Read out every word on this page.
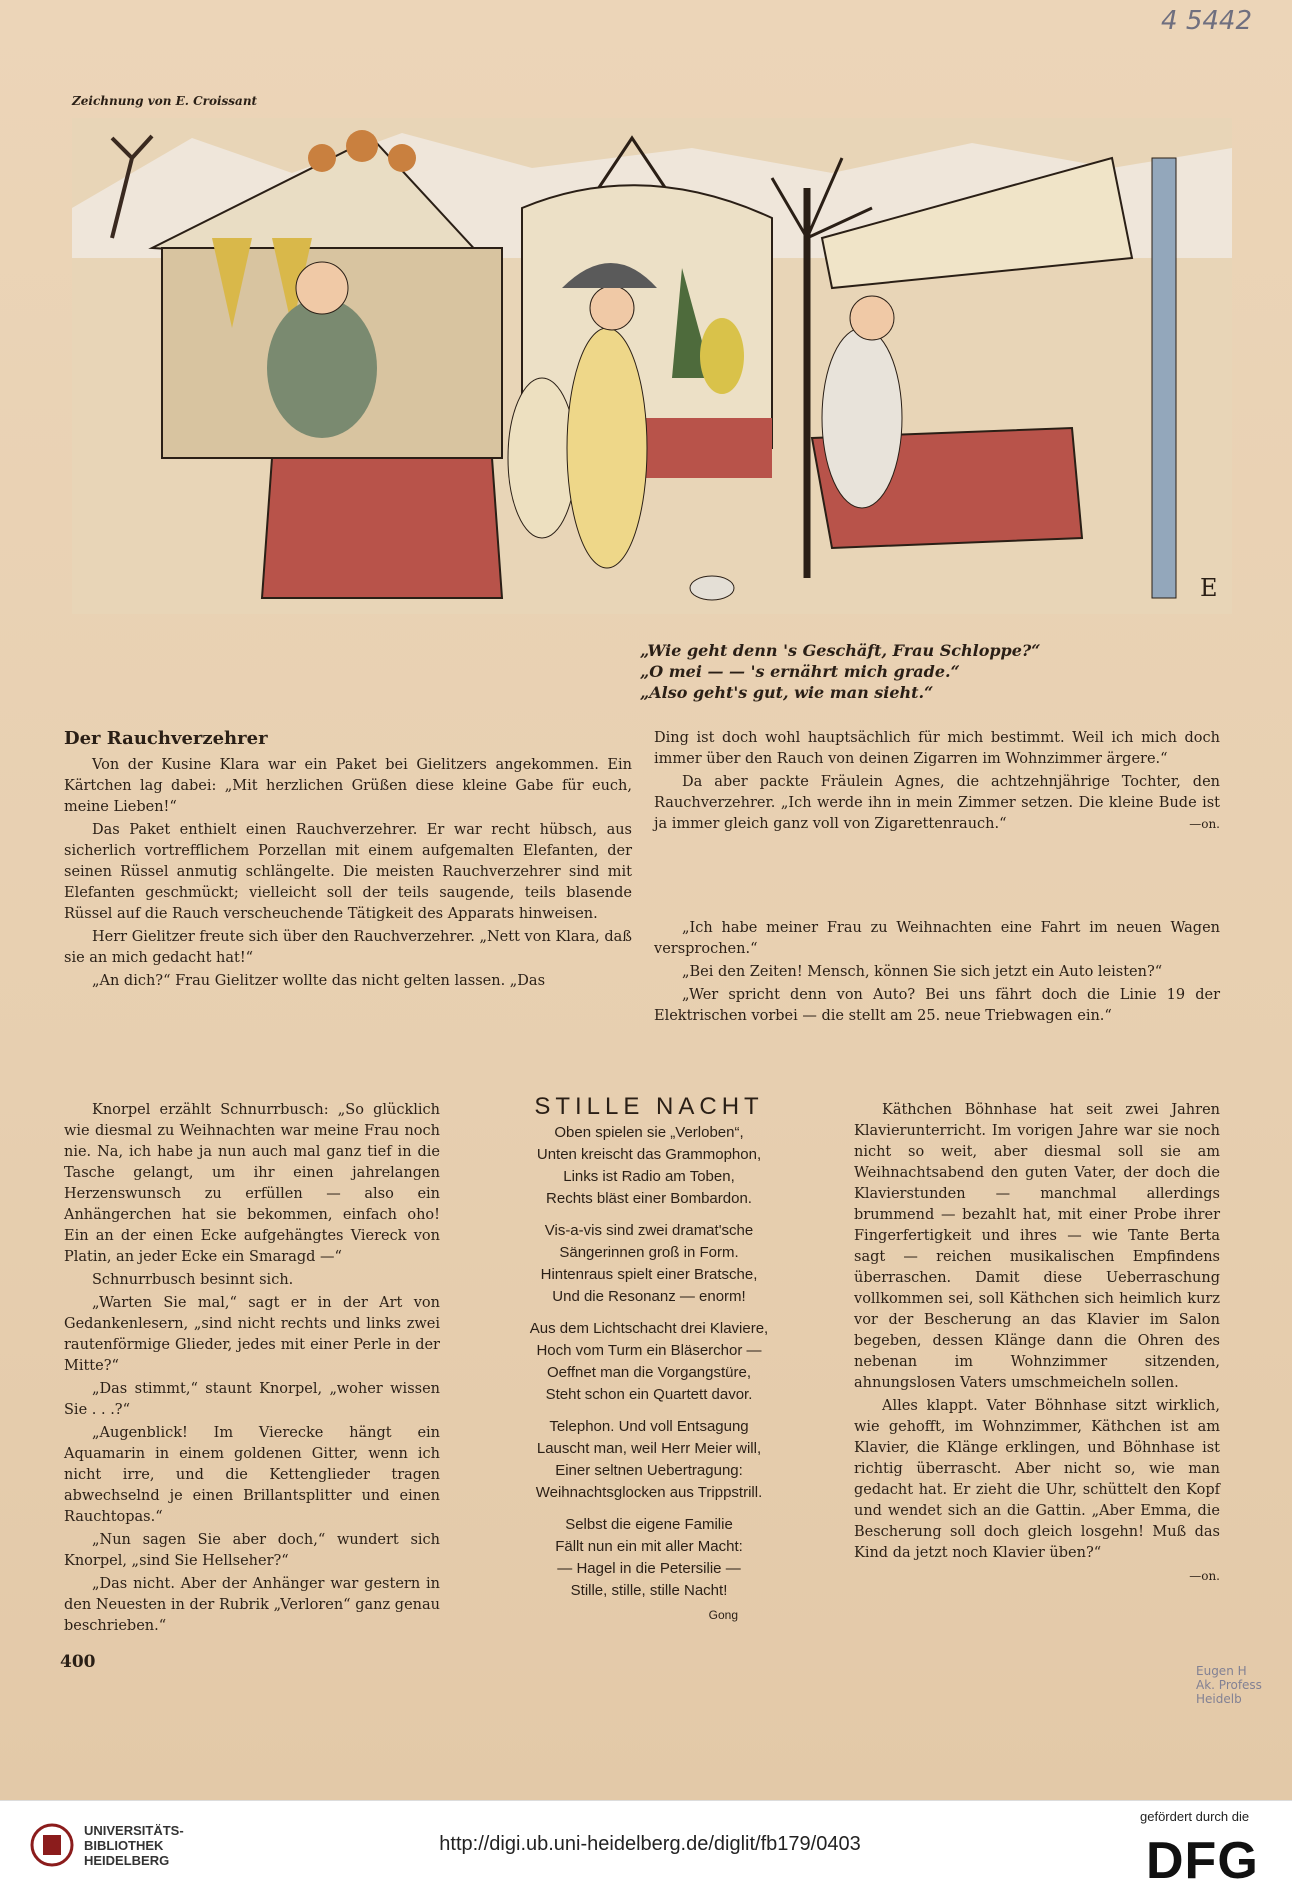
4 5442
Zeichnung von E. Croissant
E
„Wie geht denn 's Geschäft, Frau Schloppe?“
„O mei — — 's ernährt mich grade.“
„Also geht's gut, wie man sieht.“
Der Rauchverzehrer

Von der Kusine Klara war ein Paket bei Gielitzers angekommen. Ein Kärtchen lag dabei: „Mit herzlichen Grüßen diese kleine Gabe für euch, meine Lieben!“

Das Paket enthielt einen Rauchverzehrer. Er war recht hübsch, aus sicherlich vortrefflichem Porzellan mit einem aufgemalten Elefanten, der seinen Rüssel anmutig schlängelte. Die meisten Rauchverzehrer sind mit Elefanten geschmückt; vielleicht soll der teils saugende, teils blasende Rüssel auf die Rauch verscheuchende Tätigkeit des Apparats hinweisen.

Herr Gielitzer freute sich über den Rauchverzehrer. „Nett von Klara, daß sie an mich gedacht hat!“

„An dich?“ Frau Gielitzer wollte das nicht gelten lassen. „Das

Ding ist doch wohl hauptsächlich für mich bestimmt. Weil ich mich doch immer über den Rauch von deinen Zigarren im Wohnzimmer ärgere.“

Da aber packte Fräulein Agnes, die achtzehnjährige Tochter, den Rauchverzehrer. „Ich werde ihn in mein Zimmer setzen. Die kleine Bude ist ja immer gleich ganz voll von Zigarettenrauch.“	—on.

„Ich habe meiner Frau zu Weihnachten eine Fahrt im neuen Wagen versprochen.“

„Bei den Zeiten! Mensch, können Sie sich jetzt ein Auto leisten?“

„Wer spricht denn von Auto? Bei uns fährt doch die Linie 19 der Elektrischen vorbei — die stellt am 25. neue Triebwagen ein.“

Knorpel erzählt Schnurrbusch: „So glücklich wie diesmal zu Weihnachten war meine Frau noch nie. Na, ich habe ja nun auch mal ganz tief in die Tasche gelangt, um ihr einen jahrelangen Herzenswunsch zu erfüllen — also ein Anhängerchen hat sie bekommen, einfach oho! Ein an der einen Ecke aufgehängtes Viereck von Platin, an jeder Ecke ein Smaragd —“

Schnurrbusch besinnt sich.

„Warten Sie mal,“ sagt er in der Art von Gedankenlesern, „sind nicht rechts und links zwei rautenförmige Glieder, jedes mit einer Perle in der Mitte?“

„Das stimmt,“ staunt Knorpel, „woher wissen Sie . . .?“

„Augenblick! Im Vierecke hängt ein Aquamarin in einem goldenen Gitter, wenn ich nicht irre, und die Kettenglieder tragen abwechselnd je einen Brillantsplitter und einen Rauchtopas.“

„Nun sagen Sie aber doch,“ wundert sich Knorpel, „sind Sie Hellseher?“

„Das nicht. Aber der Anhänger war gestern in den Neuesten in der Rubrik „Verloren“ ganz genau beschrieben.“

STILLE NACHT
Oben spielen sie „Verloben“,
Unten kreischt das Grammophon,
Links ist Radio am Toben,
Rechts bläst einer Bombardon.
Vis-a-vis sind zwei dramat'sche
Sängerinnen groß in Form.
Hintenraus spielt einer Bratsche,
Und die Resonanz — enorm!
Aus dem Lichtschacht drei Klaviere,
Hoch vom Turm ein Bläserchor —
Oeffnet man die Vorgangstüre,
Steht schon ein Quartett davor.
Telephon. Und voll Entsagung
Lauscht man, weil Herr Meier will,
Einer seltnen Uebertragung:
Weihnachtsglocken aus Trippstrill.
Selbst die eigene Familie
Fällt nun ein mit aller Macht:
— Hagel in die Petersilie —
Stille, stille, stille Nacht!
Gong

Käthchen Böhnhase hat seit zwei Jahren Klavierunterricht. Im vorigen Jahre war sie noch nicht so weit, aber diesmal soll sie am Weihnachtsabend den guten Vater, der doch die Klavierstunden — manchmal allerdings brummend — bezahlt hat, mit einer Probe ihrer Fingerfertigkeit und ihres — wie Tante Berta sagt — reichen musikalischen Empfindens überraschen. Damit diese Ueberraschung vollkommen sei, soll Käthchen sich heimlich kurz vor der Bescherung an das Klavier im Salon begeben, dessen Klänge dann die Ohren des nebenan im Wohnzimmer sitzenden, ahnungslosen Vaters umschmeicheln sollen.

Alles klappt. Vater Böhnhase sitzt wirklich, wie gehofft, im Wohnzimmer, Käthchen ist am Klavier, die Klänge erklingen, und Böhnhase ist richtig überrascht. Aber nicht so, wie man gedacht hat. Er zieht die Uhr, schüttelt den Kopf und wendet sich an die Gattin. „Aber Emma, die Bescherung soll doch gleich losgehn! Muß das Kind da jetzt noch Klavier üben?“

—on.

400	Eugen H
Ak. Profess
Heidelb
UNIVERSITÄTS-
BIBLIOTHEK
HEIDELBERG
http://digi.ub.uni-heidelberg.de/diglit/fb179/0403
gefördert durch die
DFG
